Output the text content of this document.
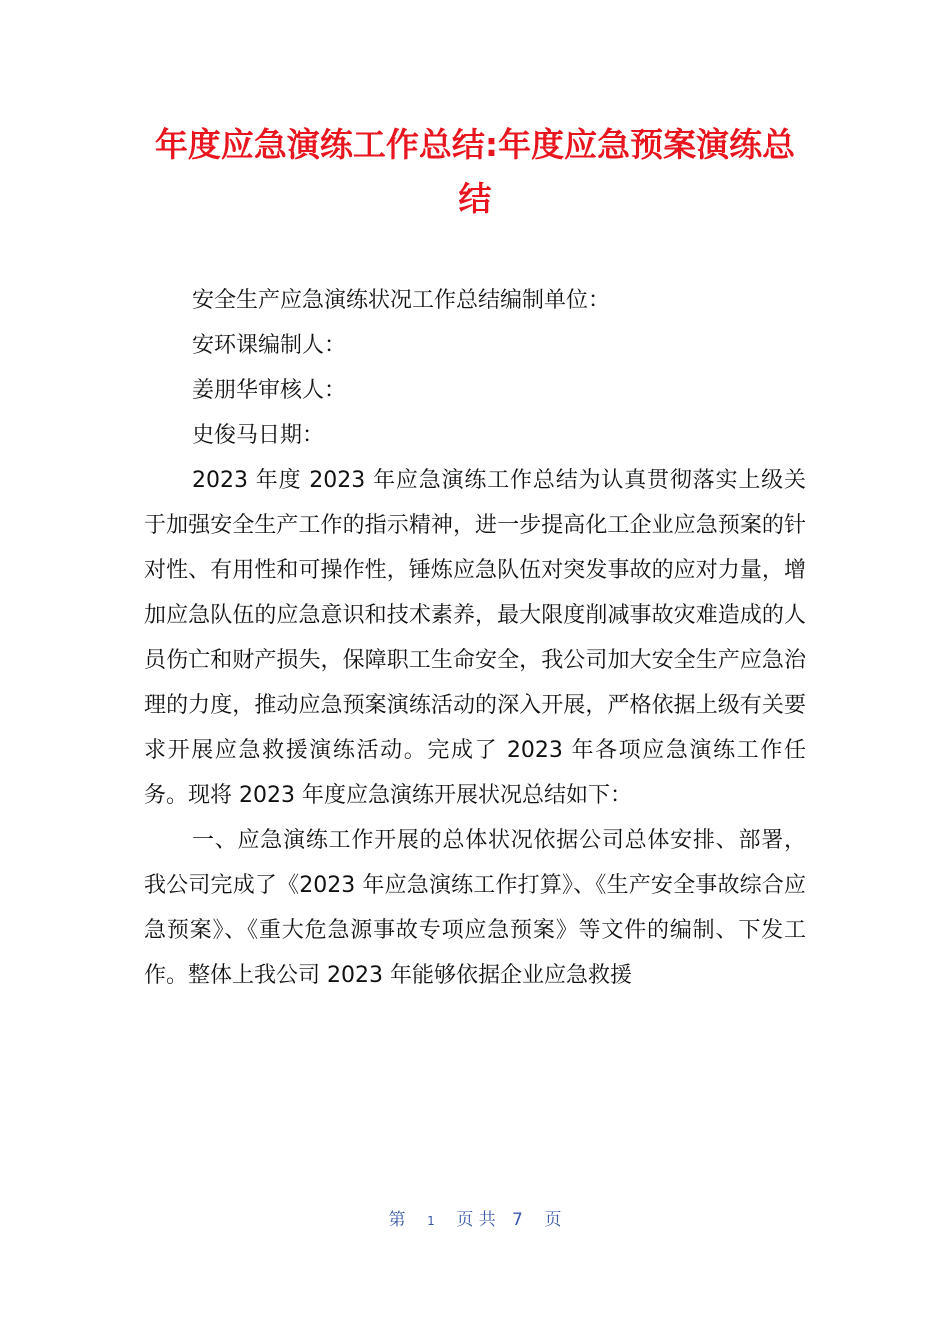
年度应急演练工作总结:年度应急预案演练总
结
安全生产应急演练状况工作总结编制单位：
安环课编制人：
姜朋华审核人：
史俊马日期：

2023 年度 2023 年应急演练工作总结为认真贯彻落实上级关于加强安全生产工作的指示精神，进一步提高化工企业应急预案的针对性、有用性和可操作性，锤炼应急队伍对突发事故的应对力量，增加应急队伍的应急意识和技术素养，最大限度削减事故灾难造成的人员伤亡和财产损失，保障职工生命安全，我公司加大安全生产应急治理的力度，推动应急预案演练活动的深入开展，严格依据上级有关要求开展应急救援演练活动。完成了 2023 年各项应急演练工作任务。现将 2023 年度应急演练开展状况总结如下：

一、应急演练工作开展的总体状况依据公司总体安排、部署，我公司完成了《2023 年应急演练工作打算》、《生产安全事故综合应急预案》、《重大危急源事故专项应急预案》等文件的编制、下发工作。整体上我公司 2023 年能够依据企业应急救援

第 1 页 共 7 页
